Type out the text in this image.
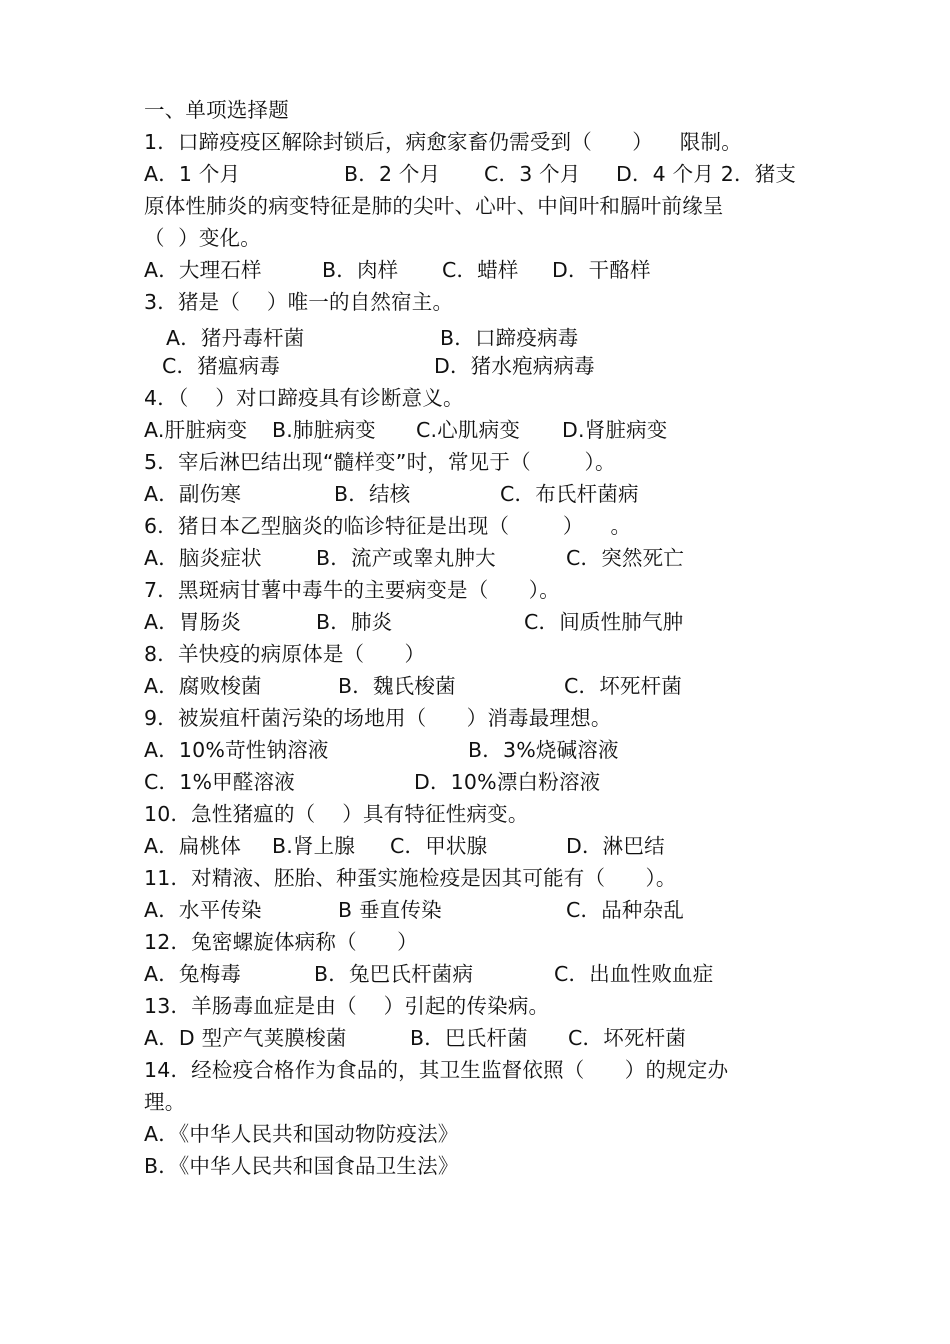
一、单项选择题
1．口蹄疫疫区解除封锁后，病愈家畜仍需受到（      ）    限制。

A．1 个月

	B．2 个月

C．3 个月

D．4 个月 2．猪支

原体性肺炎的病变特征是肺的尖叶、心叶、中间叶和膈叶前缘呈
（  ）变化。

A．大理石样

	B．肉样

C．蜡样

D．干酪样

3．猪是（    ）唯一的自然宿主。

A．猪丹毒杆菌

	B．口蹄疫病毒

C．猪瘟病毒

	D．猪水疱病病毒

4．（    ）对口蹄疫具有诊断意义。

A.肝脏病变

B.肺脏病变

C.心肌病变

D.肾脏病变

5．宰后淋巴结出现“髓样变”时，常见于（        ）。

A．副伤寒

	B．结核

	C．布氏杆菌病

6．猪日本乙型脑炎的临诊特征是出现（        ）    。

A．脑炎症状

	B．流产或睾丸肿大

	C．突然死亡

7．黑斑病甘薯中毒牛的主要病变是（      ）。

A．胃肠炎

	B．肺炎

	C．间质性肺气肿

8．羊快疫的病原体是（      ）

A．腐败梭菌

	B．魏氏梭菌

	C．坏死杆菌

9．被炭疽杆菌污染的场地用（      ）消毒最理想。

A．10%苛性钠溶液

	B．3%烧碱溶液

C．1%甲醛溶液

	D．10%漂白粉溶液

10．急性猪瘟的（    ）具有特征性病变。

A．扁桃体

B.肾上腺

C．甲状腺

	D．淋巴结

11．对精液、胚胎、种蛋实施检疫是因其可能有（      ）。

A．水平传染

	B 垂直传染

	C．品种杂乱

12．兔密螺旋体病称（      ）

A．兔梅毒

	B．兔巴氏杆菌病

	C．出血性败血症

13．羊肠毒血症是由（    ）引起的传染病。

A．D 型产气荚膜梭菌

	B．巴氏杆菌

C．坏死杆菌

14．经检疫合格作为食品的，其卫生监督依照（      ）的规定办
理。
A．《中华人民共和国动物防疫法》
B．《中华人民共和国食品卫生法》
